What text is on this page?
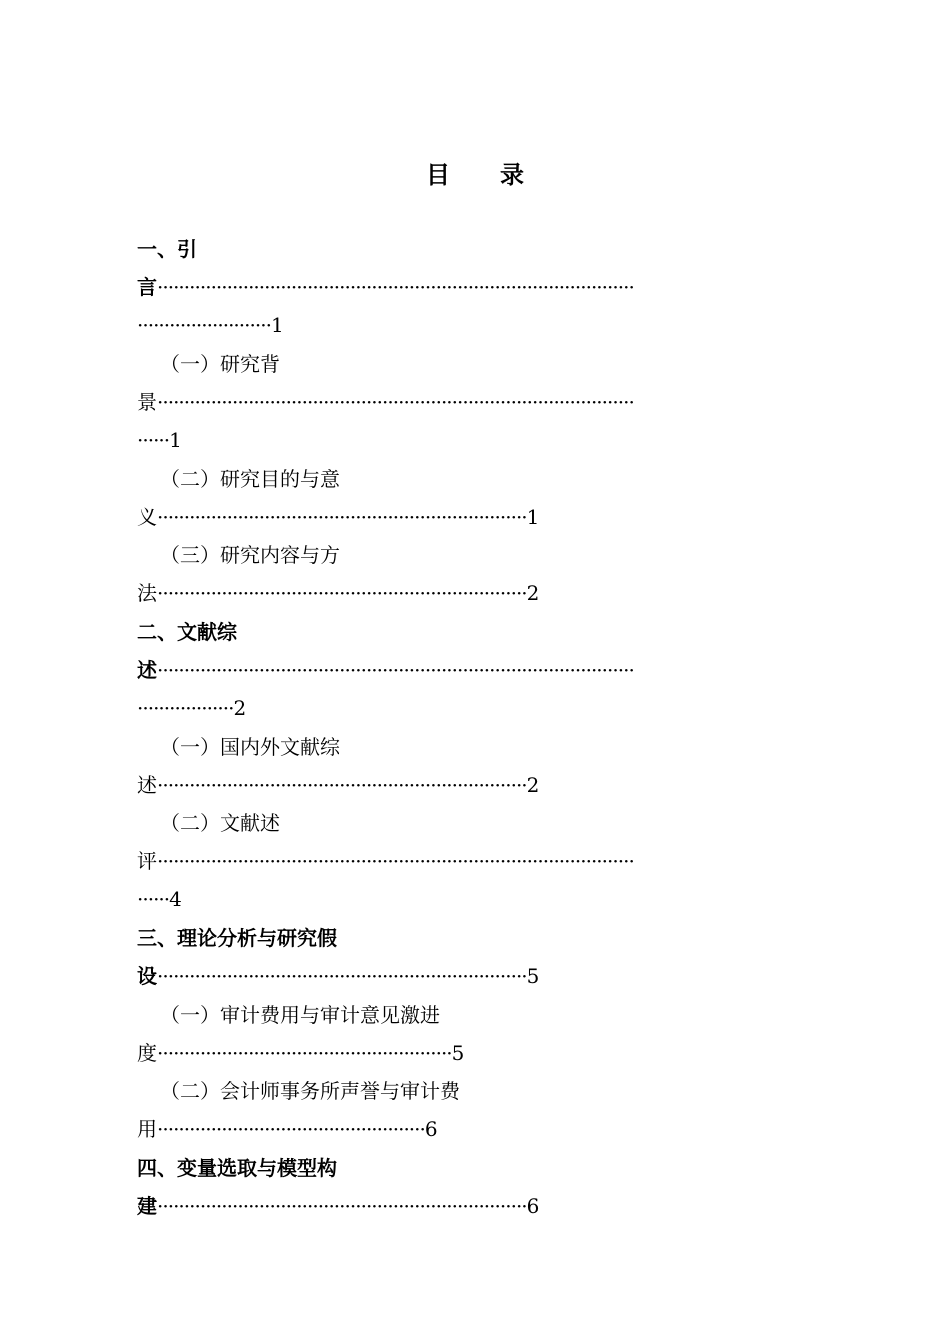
目 录
一、引
言·························································································
·························1
（一）研究背
景·························································································
······1
（二）研究目的与意
义·····································································1
（三）研究内容与方
法·····································································2
二、文献综
述·························································································
··················2
（一）国内外文献综
述·····································································2
（二）文献述
评·························································································
······4
三、理论分析与研究假
设·····································································5
（一）审计费用与审计意见激进
度·······················································5
（二）会计师事务所声誉与审计费
用··················································6
四、变量选取与模型构
建·····································································6
